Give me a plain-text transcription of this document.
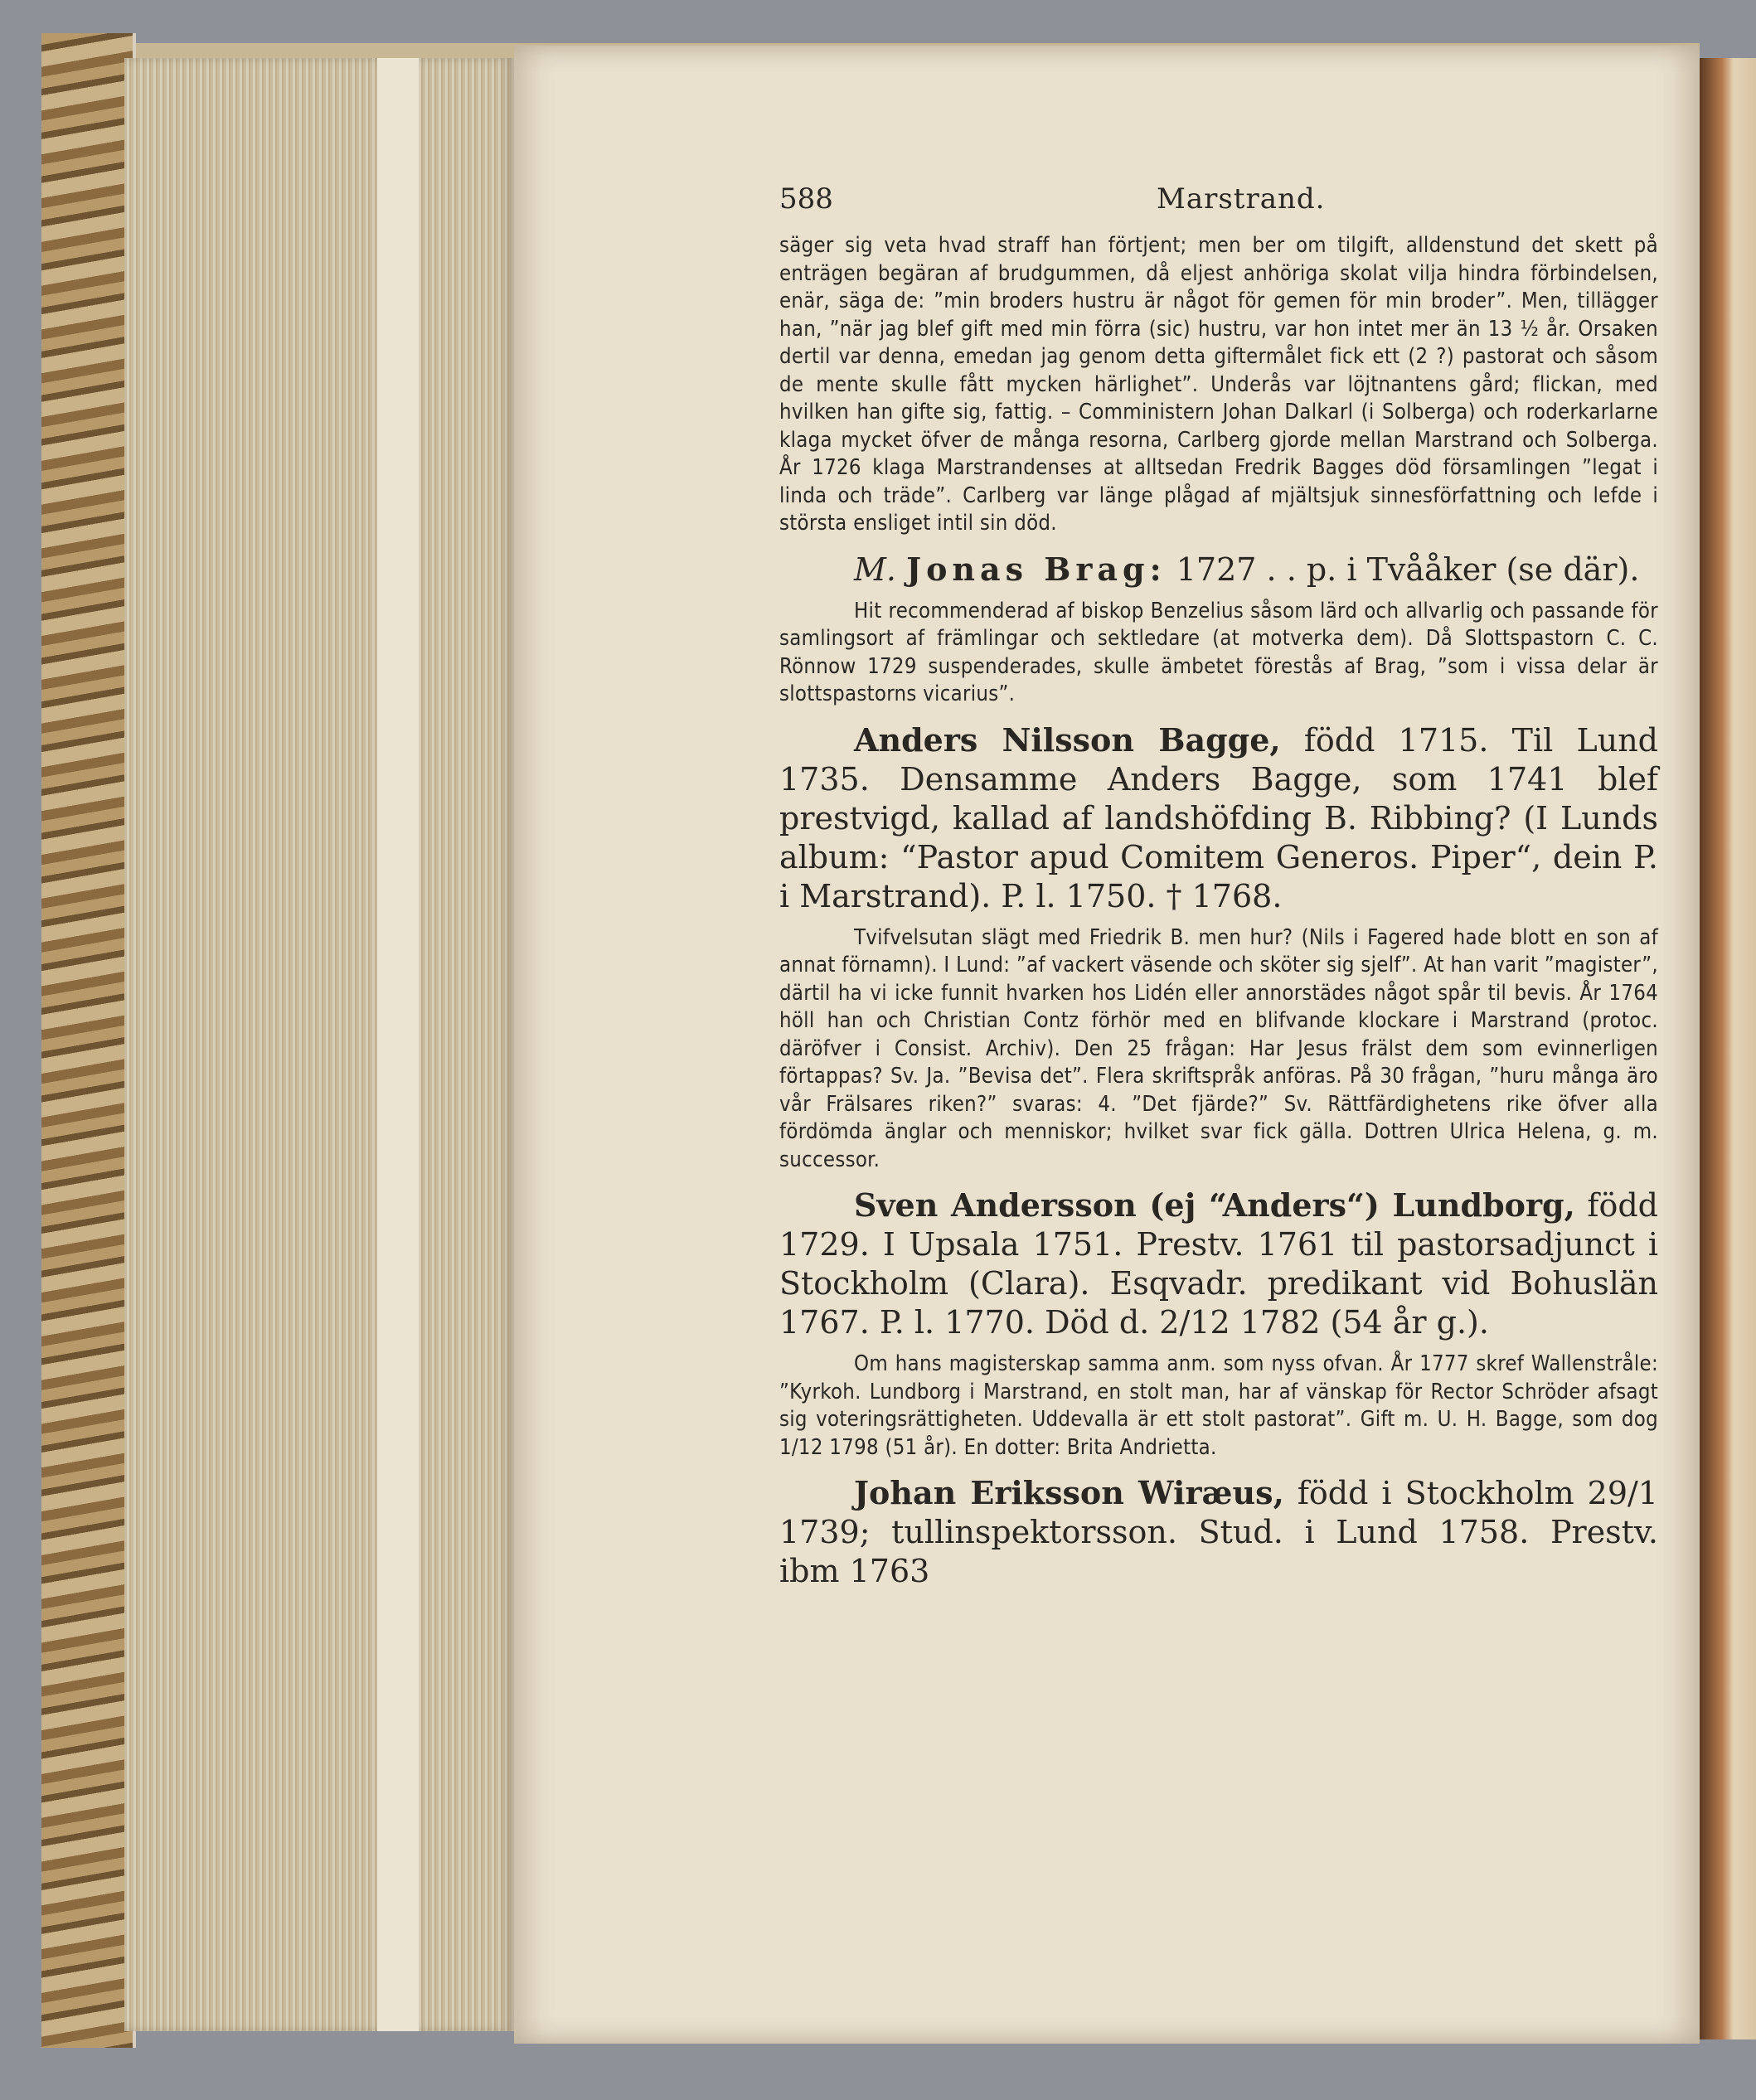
588	Marstrand.

säger sig veta hvad straff han förtjent; men ber om tilgift, alldenstund det skett på enträgen begäran af brudgummen, då eljest anhöriga skolat vilja hindra förbindelsen, enär, säga de: ”min broders hustru är något för gemen för min broder”. Men, tillägger han, ”när jag blef gift med min förra (sic) hustru, var hon intet mer än 13 ½ år. Orsaken dertil var denna, emedan jag genom detta giftermålet fick ett (2 ?) pastorat och såsom de mente skulle fått mycken härlighet”. Underås var löjtnantens gård; flickan, med hvilken han gifte sig, fattig. – Comministern Johan Dalkarl (i Solberga) och roderkarlarne klaga mycket öfver de många resorna, Carlberg gjorde mellan Marstrand och Solberga. År 1726 klaga Marstrandenses at alltsedan Fredrik Bagges död församlingen ”legat i linda och träde”. Carlberg var länge plågad af mjältsjuk sinnesförfattning och lefde i största ensliget intil sin död.

M. Jonas Brag: 1727 . . p. i Tvååker (se där).

Hit recommenderad af biskop Benzelius såsom lärd och allvarlig och passande för samlingsort af främlingar och sektledare (at motverka dem). Då Slottspastorn C. C. Rönnow 1729 suspenderades, skulle ämbetet förestås af Brag, ”som i vissa delar är slottspastorns vicarius”.

Anders Nilsson Bagge, född 1715. Til Lund 1735. Densamme Anders Bagge, som 1741 blef prestvigd, kallad af landshöfding B. Ribbing? (I Lunds album: “Pastor apud Comitem Generos. Piper“, dein P. i Marstrand). P. l. 1750. † 1768.

Tvifvelsutan slägt med Friedrik B. men hur? (Nils i Fagered hade blott en son af annat förnamn). I Lund: ”af vackert väsende och sköter sig sjelf”. At han varit ”magister”, därtil ha vi icke funnit hvarken hos Lidén eller annorstädes något spår til bevis. År 1764 höll han och Christian Contz förhör med en blifvande klockare i Marstrand (protoc. däröfver i Consist. Archiv). Den 25 frågan: Har Jesus frälst dem som evinnerligen förtappas? Sv. Ja. ”Bevisa det”. Flera skriftspråk anföras. På 30 frågan, ”huru många äro vår Frälsares riken?” svaras: 4. ”Det fjärde?” Sv. Rättfärdighetens rike öfver alla fördömda änglar och menniskor; hvilket svar fick gälla. Dottren Ulrica Helena, g. m. successor.

Sven Andersson (ej “Anders“) Lundborg, född 1729. I Upsala 1751. Prestv. 1761 til pastorsadjunct i Stockholm (Clara). Esqvadr. predikant vid Bohuslän 1767. P. l. 1770. Död d. 2/12 1782 (54 år g.).

Om hans magisterskap samma anm. som nyss ofvan. År 1777 skref Wallenstråle: ”Kyrkoh. Lundborg i Marstrand, en stolt man, har af vänskap för Rector Schröder afsagt sig voteringsrättigheten. Uddevalla är ett stolt pastorat”. Gift m. U. H. Bagge, som dog 1/12 1798 (51 år). En dotter: Brita Andrietta.

Johan Eriksson Wiræus, född i Stockholm 29/1 1739; tullinspektorsson. Stud. i Lund 1758. Prestv. ibm 1763
